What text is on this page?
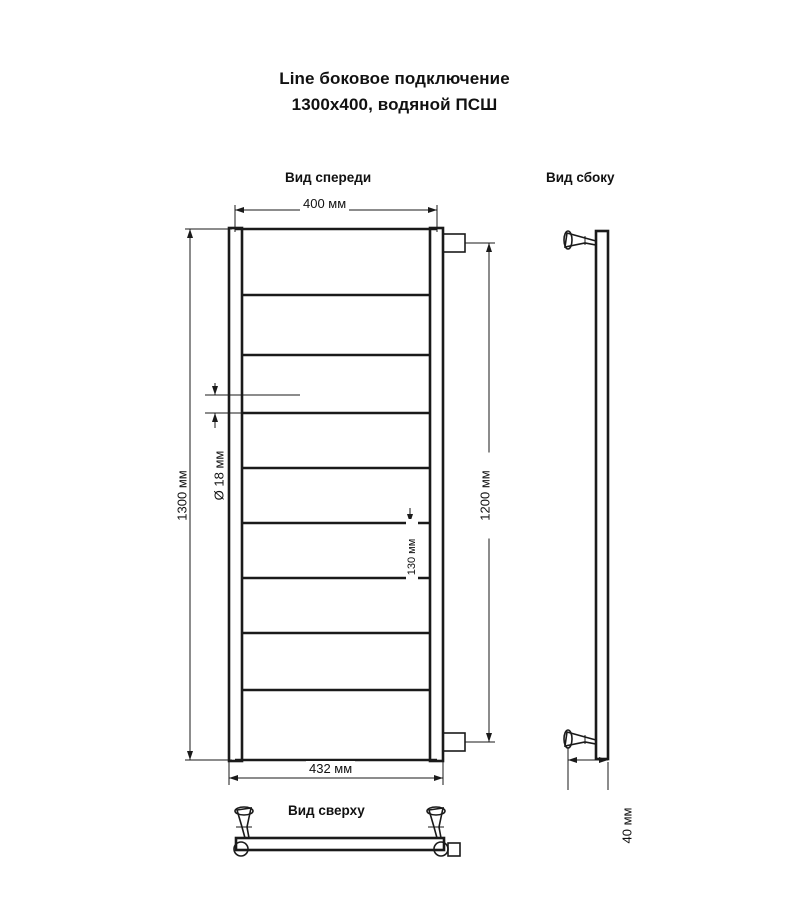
Line боковое подключение
1300x400, водяной ПСШ
Вид спереди	Вид сбоку
Вид сверху
400 мм
1300 мм Ø 18 мм
130 мм
1200 мм
432 мм
40 мм
